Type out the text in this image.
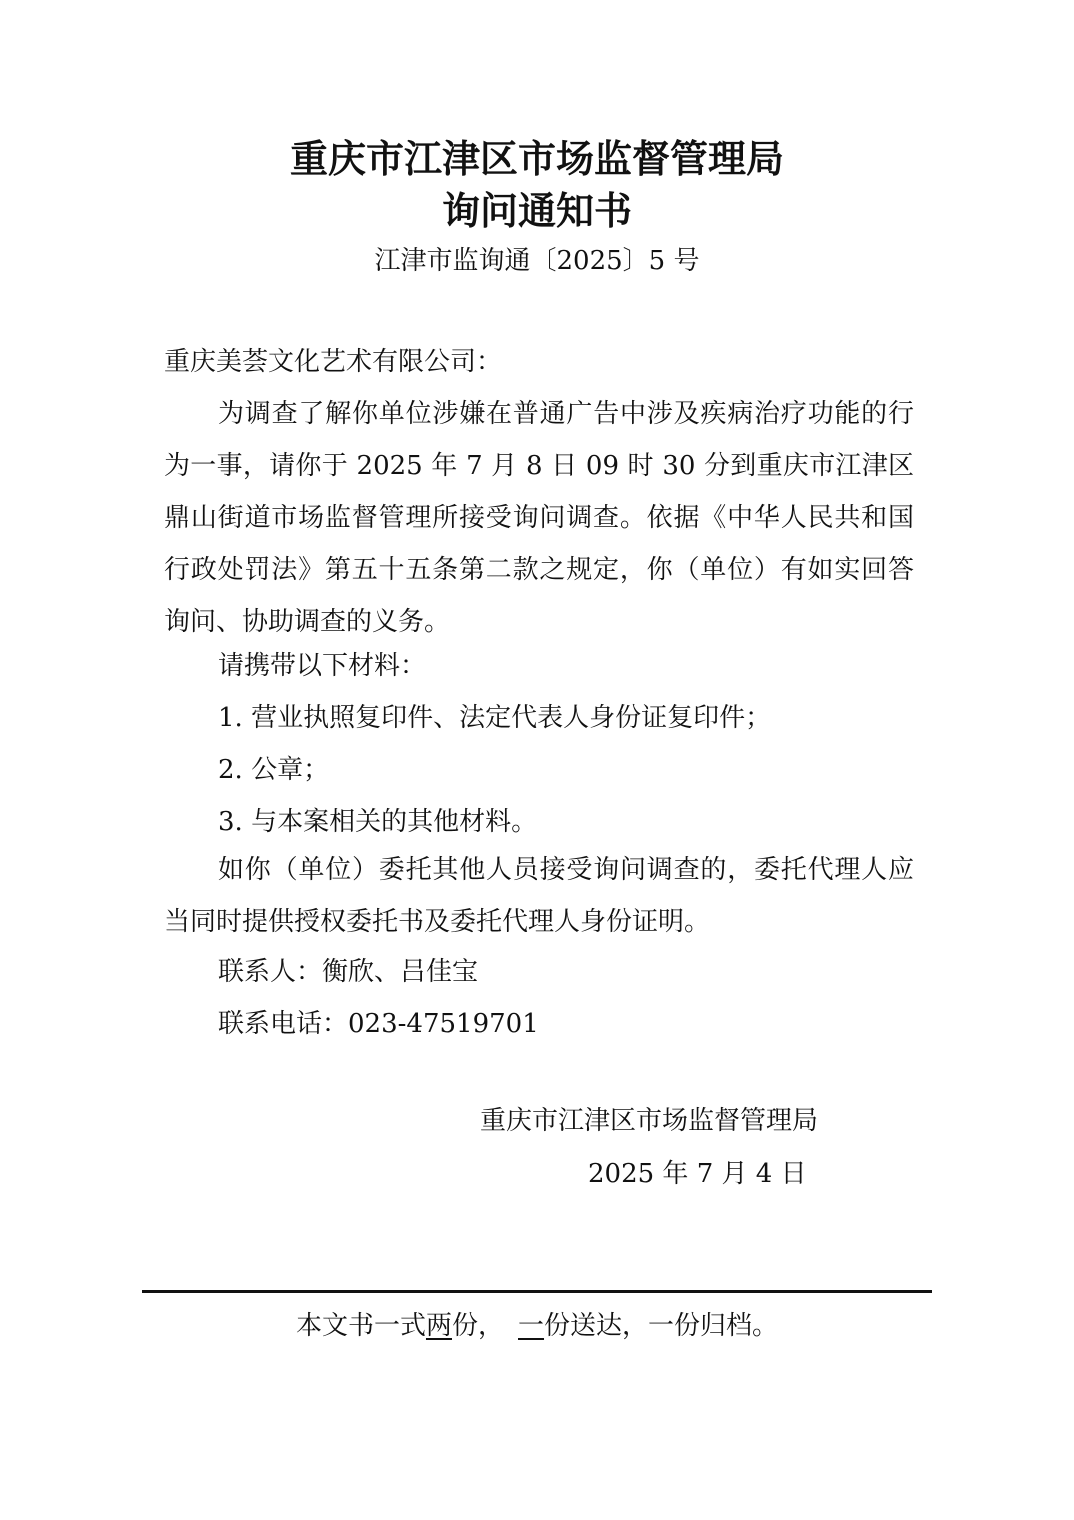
重庆市江津区市场监督管理局
询问通知书
江津市监询通〔2025〕5 号
重庆美荟文化艺术有限公司：
为调查了解你单位涉嫌在普通广告中涉及疾病治疗功能的行为一事，请你于 2025 年 7 月 8 日 09 时 30 分到重庆市江津区鼎山街道市场监督管理所接受询问调查。依据《中华人民共和国行政处罚法》第五十五条第二款之规定，你（单位）有如实回答询问、协助调查的义务。

请携带以下材料：

1. 营业执照复印件、法定代表人身份证复印件；

2. 公章；

3. 与本案相关的其他材料。

如你（单位）委托其他人员接受询问调查的，委托代理人应当同时提供授权委托书及委托代理人身份证明。

联系人：衡欣、吕佳宝

联系电话：023-47519701

重庆市江津区市场监督管理局
2025 年 7 月 4 日
本文书一式两份， 一份送达，一份归档。
